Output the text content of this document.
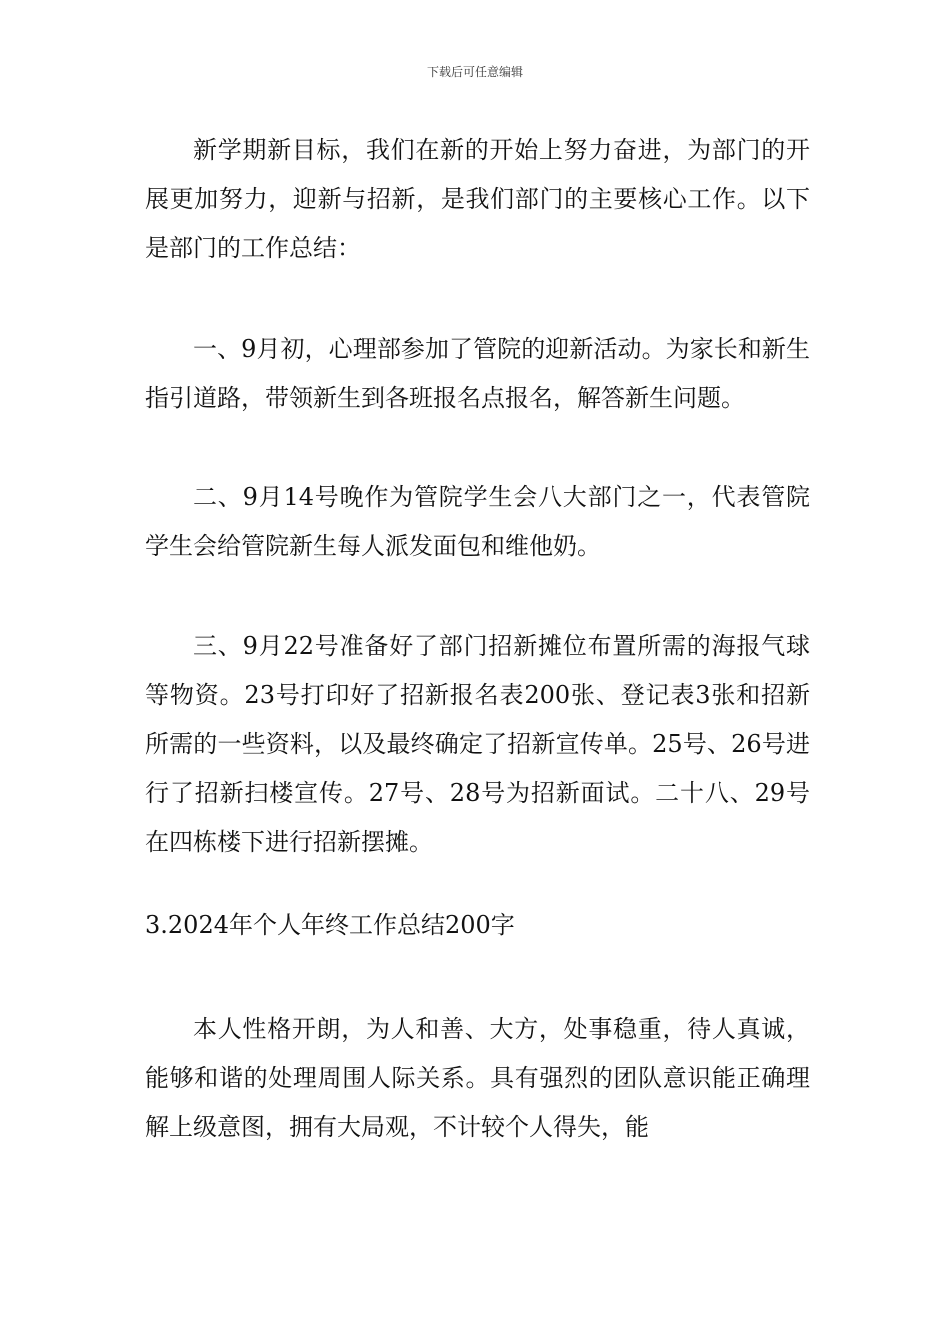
下载后可任意编辑

新学期新目标，我们在新的开始上努力奋进，为部门的开展更加努力，迎新与招新，是我们部门的主要核心工作。以下是部门的工作总结：

一、9月初，心理部参加了管院的迎新活动。为家长和新生指引道路，带领新生到各班报名点报名，解答新生问题。

二、9月14号晚作为管院学生会八大部门之一，代表管院学生会给管院新生每人派发面包和维他奶。

三、9月22号准备好了部门招新摊位布置所需的海报气球等物资。23号打印好了招新报名表200张、登记表3张和招新所需的一些资料，以及最终确定了招新宣传单。25号、26号进行了招新扫楼宣传。27号、28号为招新面试。二十八、29号在四栋楼下进行招新摆摊。

3.2024年个人年终工作总结200字

本人性格开朗，为人和善、大方，处事稳重，待人真诚，能够和谐的处理周围人际关系。具有强烈的团队意识能正确理解上级意图，拥有大局观，不计较个人得失，能
